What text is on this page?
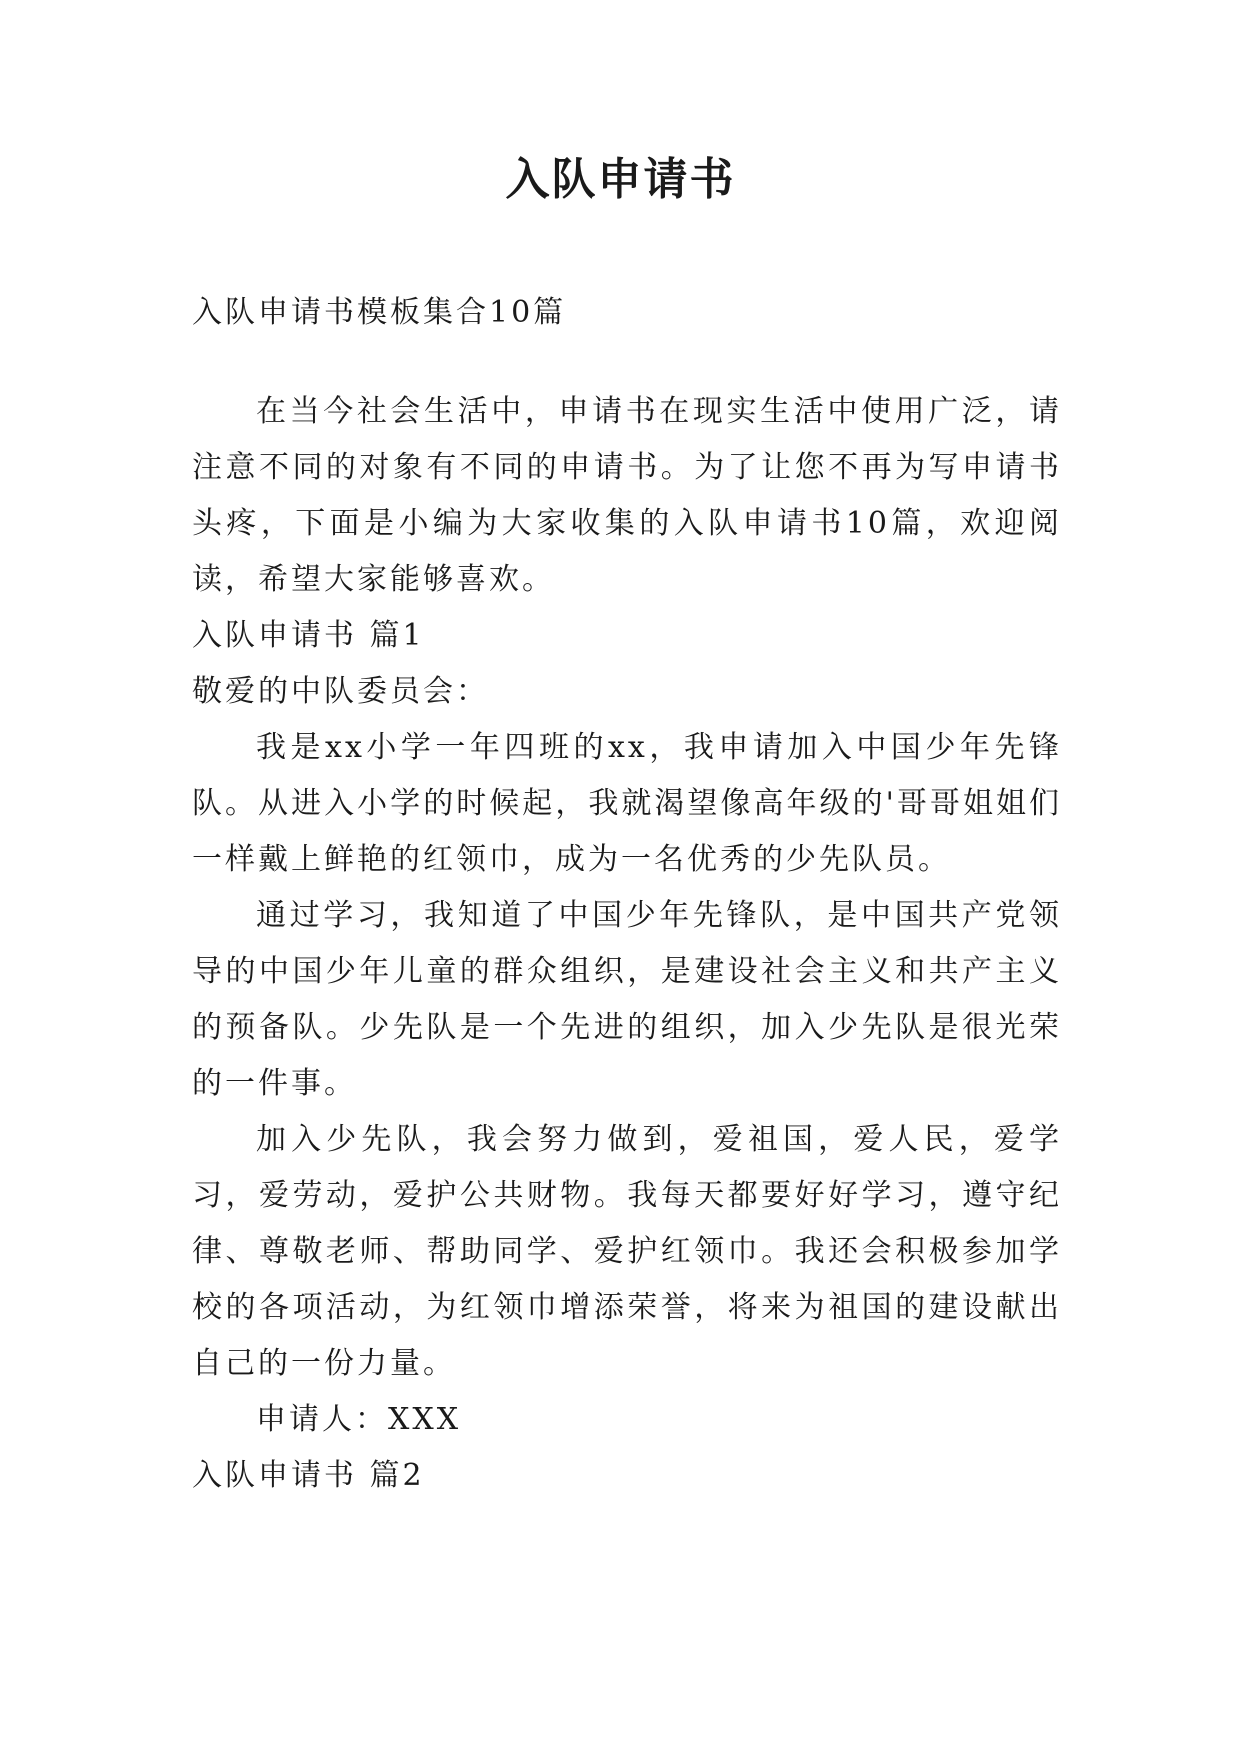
入队申请书

入队申请书模板集合10篇

在当今社会生活中，申请书在现实生活中使用广泛，请注意不同的对象有不同的申请书。为了让您不再为写申请书头疼，下面是小编为大家收集的入队申请书10篇，欢迎阅读，希望大家能够喜欢。

入队申请书 篇1

敬爱的中队委员会：

我是xx小学一年四班的xx，我申请加入中国少年先锋队。从进入小学的时候起，我就渴望像高年级的'哥哥姐姐们一样戴上鲜艳的红领巾，成为一名优秀的少先队员。

通过学习，我知道了中国少年先锋队，是中国共产党领导的中国少年儿童的群众组织，是建设社会主义和共产主义的预备队。少先队是一个先进的组织，加入少先队是很光荣的一件事。

加入少先队，我会努力做到，爱祖国，爱人民，爱学习，爱劳动，爱护公共财物。我每天都要好好学习，遵守纪律、尊敬老师、帮助同学、爱护红领巾。我还会积极参加学校的各项活动，为红领巾增添荣誉，将来为祖国的建设献出自己的一份力量。

申请人：XXX

入队申请书 篇2
